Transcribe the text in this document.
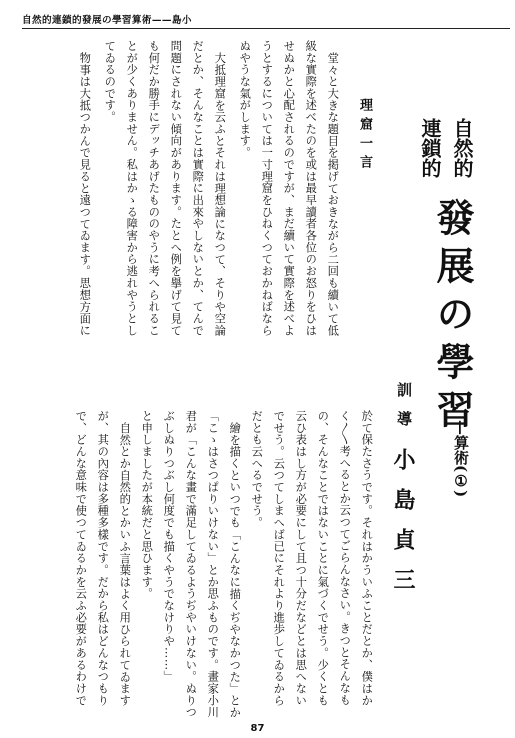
自然的連鎖的發展の學習算術——島小
自然的
連鎖的
發展の學習
—算術(①)
訓導
小島貞三
理窟一言
於て保たさうです。それはかういふことだとか、僕はか
く〳〵考へるとか云つてごらんなさい。きつとそんなも
の、そんなことではないことに氣づくでせう。少くとも
云ひ表はし方が必要にして且つ十分だなどとは思へない
でせう。云つてしまへば已にそれより進歩してゐるから
だとも云へるでせう。
繪を描くといつでも「こんなに描くぢやなかつた」とか
「こゝはさつぱりいけない」とか思ふものです。畫家小川
君が「こんな畫で滿足してゐるようぢやいけない。ぬりつ
ぶしぬりつぶし何度でも描くやうでなけりや……」
と申しましたが本統だと思ひます。
自然とか自然的とかいふ言葉はよく用ひられてゐます
が、其の內容は多種多樣です。だから私はどんなつもり
で、どんな意味で使つてゐるかを云ふ必要があるわけで
堂々と大きな題目を掲げておきながら二回も續いて低
級な實際を述べたのを或は最早讀者各位のお怒りをひは
せぬかと心配されるのですが、まだ續いて實際を述べよ
うとするについては一寸理窟をひねくつておかねばなら
ぬやうな氣がします。
大抵理窟を云ふとそれは理想論になつて、そりや空論
だとか、そんなことは實際に出來やしないとか、てんで
問題にされない傾向があります。たとへ例を擧げて見て
も何だか勝手にデッチあげたもののやうに考へられるこ
とが少くありません。私はかゝる障害から逃れやうとし
てゐるのです。
物事は大抵つかんで見ると遠つてゐます。思想方面に
87
